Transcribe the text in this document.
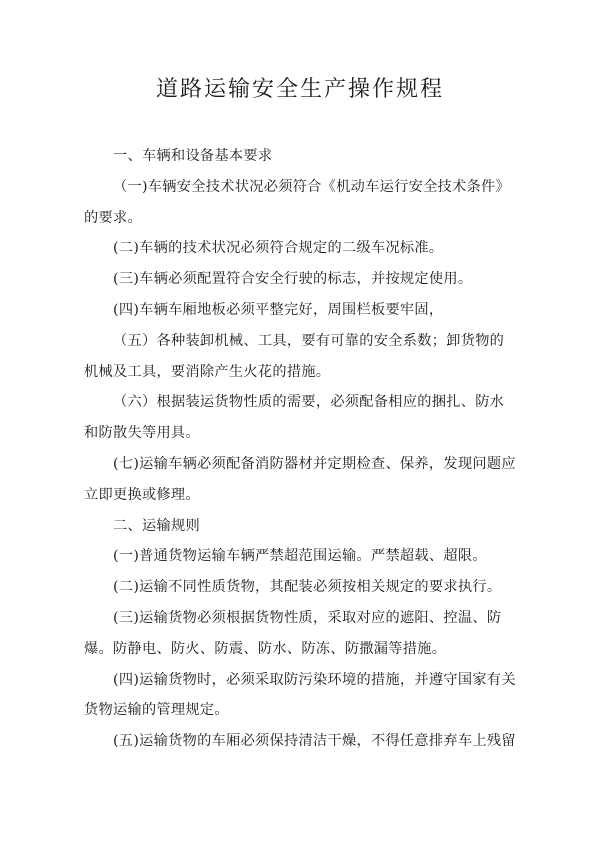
道路运输安全生产操作规程

一、车辆和设备基本要求

（一)车辆安全技术状况必须符合《机动车运行安全技术条件》的要求。

(二)车辆的技术状况必须符合规定的二级车况标准。

(三)车辆必须配置符合安全行驶的标志，并按规定使用。

(四)车辆车厢地板必须平整完好，周围栏板要牢固，

（五）各种装卸机械、工具，要有可靠的安全系数；卸货物的机械及工具，要消除产生火花的措施。

（六）根据装运货物性质的需要，必须配备相应的捆扎、防水和防散失等用具。

(七)运输车辆必须配备消防器材并定期检查、保养，发现问题应立即更换或修理。

二、运输规则

(一)普通货物运输车辆严禁超范围运输。严禁超载、超限。

(二)运输不同性质货物，其配装必须按相关规定的要求执行。

(三)运输货物必须根据货物性质，采取对应的遮阳、控温、防爆。防静电、防火、防震、防水、防冻、防撒漏等措施。

(四)运输货物时，必须采取防污染环境的措施，并遵守国家有关货物运输的管理规定。

(五)运输货物的车厢必须保持清洁干燥，不得任意排弃车上残留
